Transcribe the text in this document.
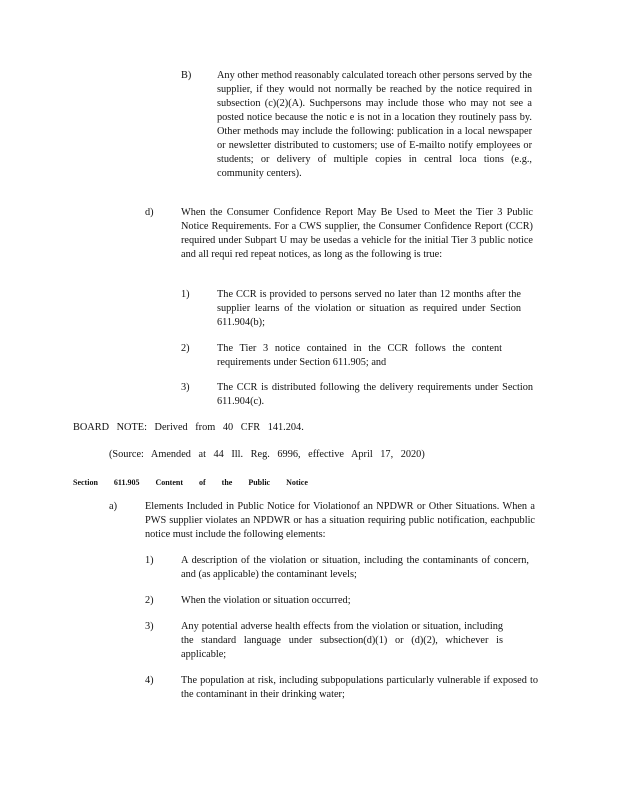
B) Any other method reasonably calculated toreach other persons served by the supplier, if they would not normally be reached by the notice required in subsection (c)(2)(A). Suchpersons may include those who may not see a posted notice because the notic e is not in a location they routinely pass by. Other methods may include the following: publication in a local newspaper or newsletter distributed to customers; use of E-mailto notify employees or students; or delivery of multiple copies in central loca tions (e.g., community centers).
d)	When the Consumer Confidence Report May Be Used to Meet the Tier 3 Public Notice Requirements. For a CWS supplier, the Consumer Confidence Report (CCR) required under Subpart U may be usedas a vehicle for the initial Tier 3 public notice and all requi red repeat notices, as long as the following is true:
1)	The CCR is provided to persons served no later than 12 months after the supplier learns of the violation or situation as required under Section 611.904(b);
2)	The Tier 3 notice contained in the CCR follows the content requirements under Section 611.905; and
3)	The CCR is distributed following the delivery requirements under Section 611.904(c).
BOARD NOTE: Derived from 40 CFR 141.204.
(Source: Amended at 44 Ill. Reg. 6996, effective April 17, 2020)
Section 611.905 Content of the Public Notice
a)	Elements Included in Public Notice for Violationof an NPDWR or Other Situations. When a PWS supplier violates an NPDWR or has a situation requiring public notification, eachpublic notice must include the following elements:
1)	A description of the violation or situation, including the contaminants of concern, and (as applicable) the contaminant levels;
2)	When the violation or situation occurred;
3)	Any potential adverse health effects from the violation or situation, including the standard language under subsection(d)(1) or (d)(2), whichever is applicable;
4)	The population at risk, including subpopulations particularly vulnerable if exposed to the contaminant in their drinking water;
